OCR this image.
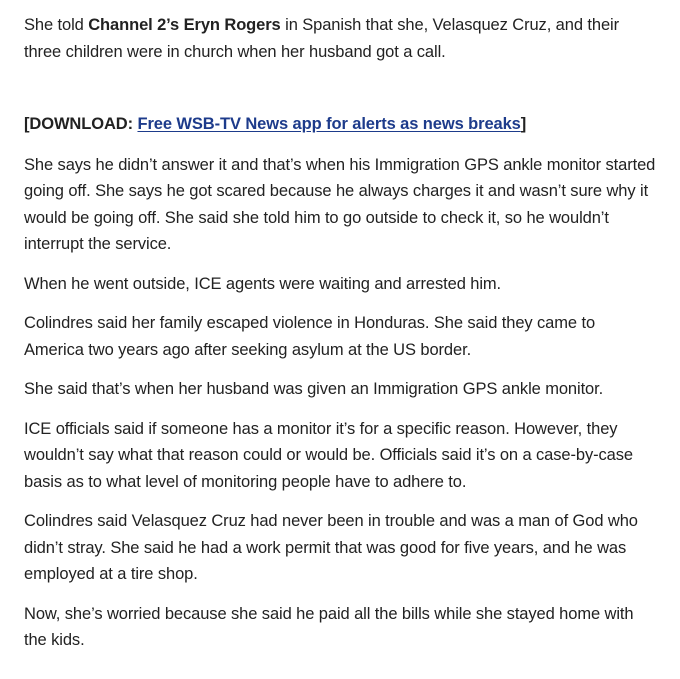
She told Channel 2’s Eryn Rogers in Spanish that she, Velasquez Cruz, and their three children were in church when her husband got a call.

[DOWNLOAD: Free WSB-TV News app for alerts as news breaks]

She says he didn’t answer it and that’s when his Immigration GPS ankle monitor started going off. She says he got scared because he always charges it and wasn’t sure why it would be going off. She said she told him to go outside to check it, so he wouldn’t interrupt the service.

When he went outside, ICE agents were waiting and arrested him.

Colindres said her family escaped violence in Honduras. She said they came to America two years ago after seeking asylum at the US border.

She said that’s when her husband was given an Immigration GPS ankle monitor.

ICE officials said if someone has a monitor it’s for a specific reason. However, they wouldn’t say what that reason could or would be. Officials said it’s on a case-by-case basis as to what level of monitoring people have to adhere to.

Colindres said Velasquez Cruz had never been in trouble and was a man of God who didn’t stray. She said he had a work permit that was good for five years, and he was employed at a tire shop.

Now, she’s worried because she said he paid all the bills while she stayed home with the kids.
